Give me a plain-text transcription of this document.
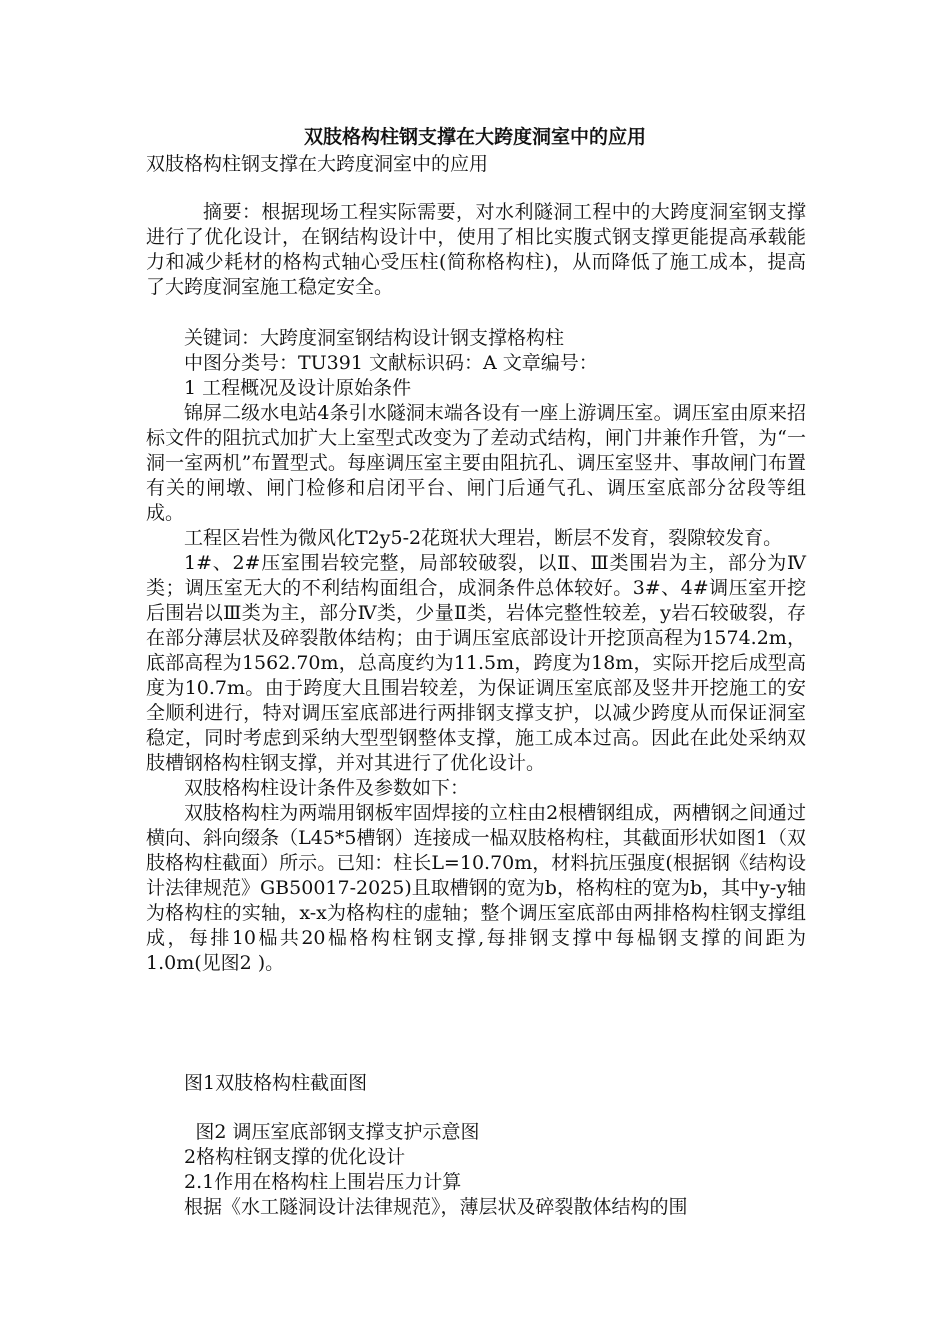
双肢格构柱钢支撑在大跨度洞室中的应用
双肢格构柱钢支撑在大跨度洞室中的应用

摘要：根据现场工程实际需要，对水利隧洞工程中的大跨度洞室钢支撑进行了优化设计，在钢结构设计中，使用了相比实腹式钢支撑更能提高承载能力和减少耗材的格构式轴心受压柱(简称格构柱)，从而降低了施工成本，提高了大跨度洞室施工稳定安全。

关键词：大跨度洞室钢结构设计钢支撑格构柱

中图分类号：TU391 文献标识码：A 文章编号：

1 工程概况及设计原始条件

锦屏二级水电站4条引水隧洞末端各设有一座上游调压室。调压室由原来招标文件的阻抗式加扩大上室型式改变为了差动式结构，闸门井兼作升管，为“一洞一室两机”布置型式。每座调压室主要由阻抗孔、调压室竖井、事故闸门布置有关的闸墩、闸门检修和启闭平台、闸门后通气孔、调压室底部分岔段等组成。

工程区岩性为微风化T2y5-2花斑状大理岩，断层不发育，裂隙较发育。

1#、2#压室围岩较完整，局部较破裂，以Ⅱ、Ⅲ类围岩为主，部分为Ⅳ类；调压室无大的不利结构面组合，成洞条件总体较好。3#、4#调压室开挖后围岩以Ⅲ类为主，部分Ⅳ类，少量Ⅱ类，岩体完整性较差，y岩石较破裂，存在部分薄层状及碎裂散体结构；由于调压室底部设计开挖顶高程为1574.2m，底部高程为1562.70m，总高度约为11.5m，跨度为18m，实际开挖后成型高度为10.7m。由于跨度大且围岩较差，为保证调压室底部及竖井开挖施工的安全顺利进行，特对调压室底部进行两排钢支撑支护，以减少跨度从而保证洞室稳定，同时考虑到采纳大型型钢整体支撑，施工成本过高。因此在此处采纳双肢槽钢格构柱钢支撑，并对其进行了优化设计。

双肢格构柱设计条件及参数如下：

双肢格构柱为两端用钢板牢固焊接的立柱由2根槽钢组成，两槽钢之间通过横向、斜向缀条（L45*5槽钢）连接成一榀双肢格构柱，其截面形状如图1（双肢格构柱截面）所示。已知：柱长L=10.70m，材料抗压强度(根据钢《结构设计法律规范》GB50017-2025)且取槽钢的宽为b，格构柱的宽为b，其中y-y轴为格构柱的实轴，x-x为格构柱的虚轴；整个调压室底部由两排格构柱钢支撑组成，每排10榀共20榀格构柱钢支撑,每排钢支撑中每榀钢支撑的间距为1.0m(见图2 )。

图1双肢格构柱截面图

图2 调压室底部钢支撑支护示意图

2格构柱钢支撑的优化设计

2.1作用在格构柱上围岩压力计算

根据《水工隧洞设计法律规范》，薄层状及碎裂散体结构的围
